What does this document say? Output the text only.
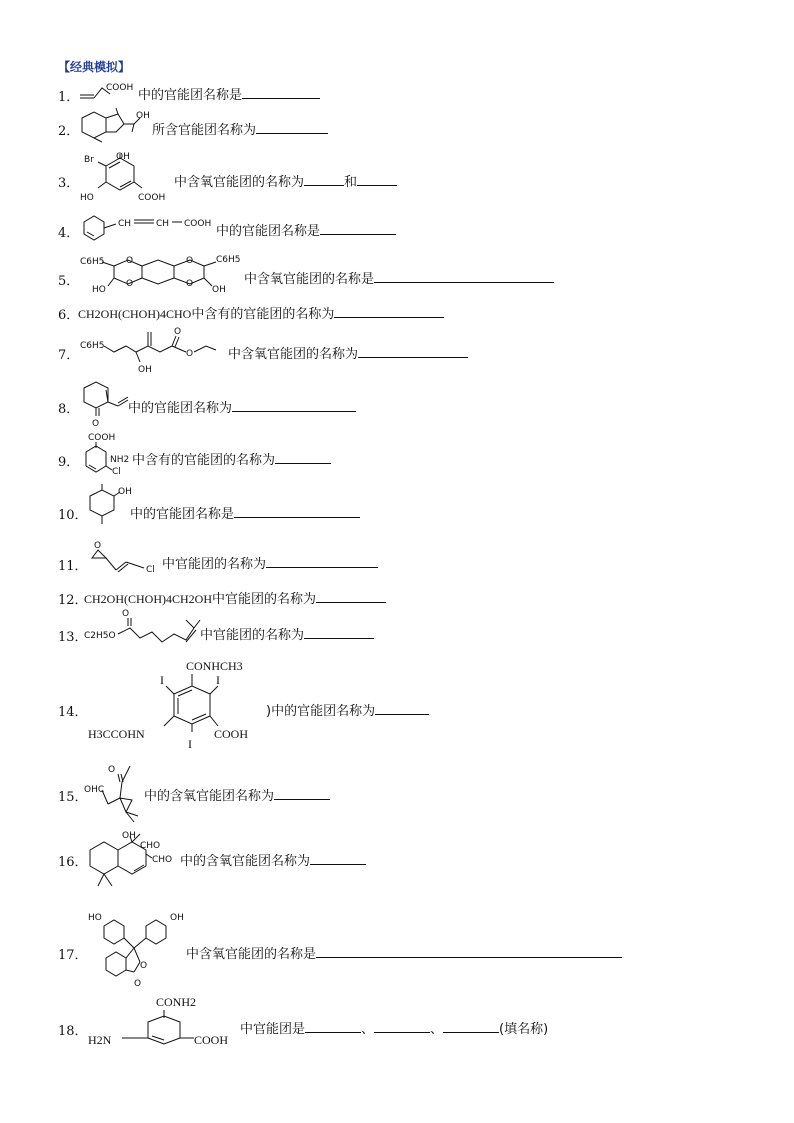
【经典模拟】
1．
COOH 中的官能团名称是
2．
OH
所含官能团名称为
3．
OH
Br
HO	COOH
中含氧官能团的名称为	和
4．
CH	CH COOH 中的官能团名称是
5．
C6H5 O
O
O
O
C6H5
HO	OH
中含氧官能团的名称是
6．
CH2OH(CHOH)4CHO中含有的官能团的名称为
7．
C6H5
OH
O
O	中含氧官能团的名称为
8．
O
中的官能团名称为
9．
COOH
NH2
Cl
中含有的官能团的名称为
10．
OH
中的官能团名称是
11．
O
Cl 中官能团的名称为
12．
CH2OH(CHOH)4CH2OH中官能团的名称为
13．
O
C2H5O	中官能团的名称为
14．
CONHCH3
I	I
H3CCOHN	COOH
I
)中的官能团名称为
15．
O
OHC	中的含氧官能团名称为
16．
OH
CHO
CHO 中的含氧官能团名称为
17．
HO	OH
O
O
中含氧官能团的名称是
18．
CONH2
H2N	COOH
中官能团是	、	、	(填名称)
